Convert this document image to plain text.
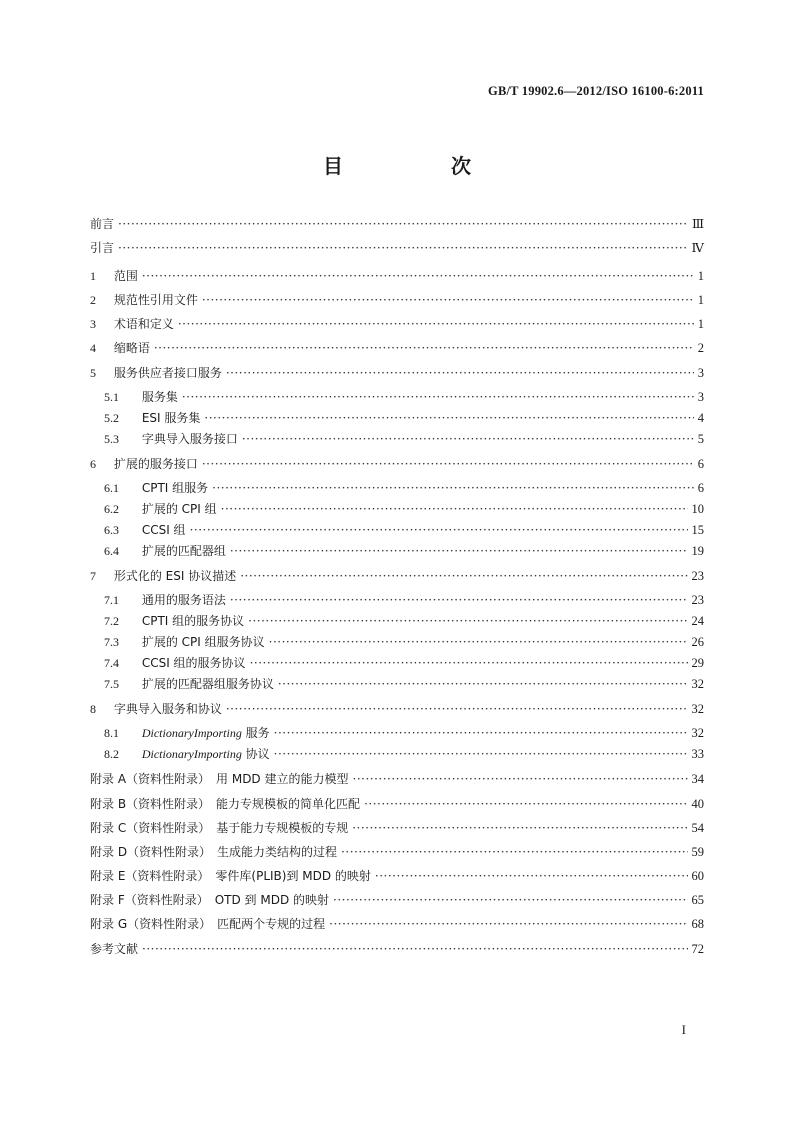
GB/T 19902.6—2012/ISO 16100-6:2011
目　次
前言 ·····	Ⅲ
引言 ·····	Ⅳ
1 范围 ·····	1
2 规范性引用文件 ·····	1
3 术语和定义 ·····	1
4 缩略语 ·····	2
5 服务供应者接口服务 ·····	3
5.1 服务集 ·····	3
5.2 ESI 服务集 ·····	4
5.3 字典导入服务接口 ·····	5
6 扩展的服务接口 ·····	6
6.1 CPTI 组服务 ·····	6
6.2 扩展的 CPI 组 ·····	10
6.3 CCSI 组 ·····	15
6.4 扩展的匹配器组 ·····	19
7 形式化的 ESI 协议描述 ·····	23
7.1 通用的服务语法 ·····	23
7.2 CPTI 组的服务协议 ·····	24
7.3 扩展的 CPI 组服务协议 ·····	26
7.4 CCSI 组的服务协议 ·····	29
7.5 扩展的匹配器组服务协议 ·····	32
8 字典导入服务和协议 ·····	32
8.1 DictionaryImporting 服务 ·····	32
8.2 DictionaryImporting 协议 ·····	33
附录 A（资料性附录）　用 MDD 建立的能力模型 ·····	34
附录 B（资料性附录）　能力专规模板的简单化匹配 ·····	40
附录 C（资料性附录）　基于能力专规模板的专规 ·····	54
附录 D（资料性附录）　生成能力类结构的过程 ·····	59
附录 E（资料性附录）　零件库(PLIB)到 MDD 的映射 ·····	60
附录 F（资料性附录）　OTD 到 MDD 的映射 ·····	65
附录 G（资料性附录）　匹配两个专规的过程 ·····	68
参考文献 ·····	72
I
